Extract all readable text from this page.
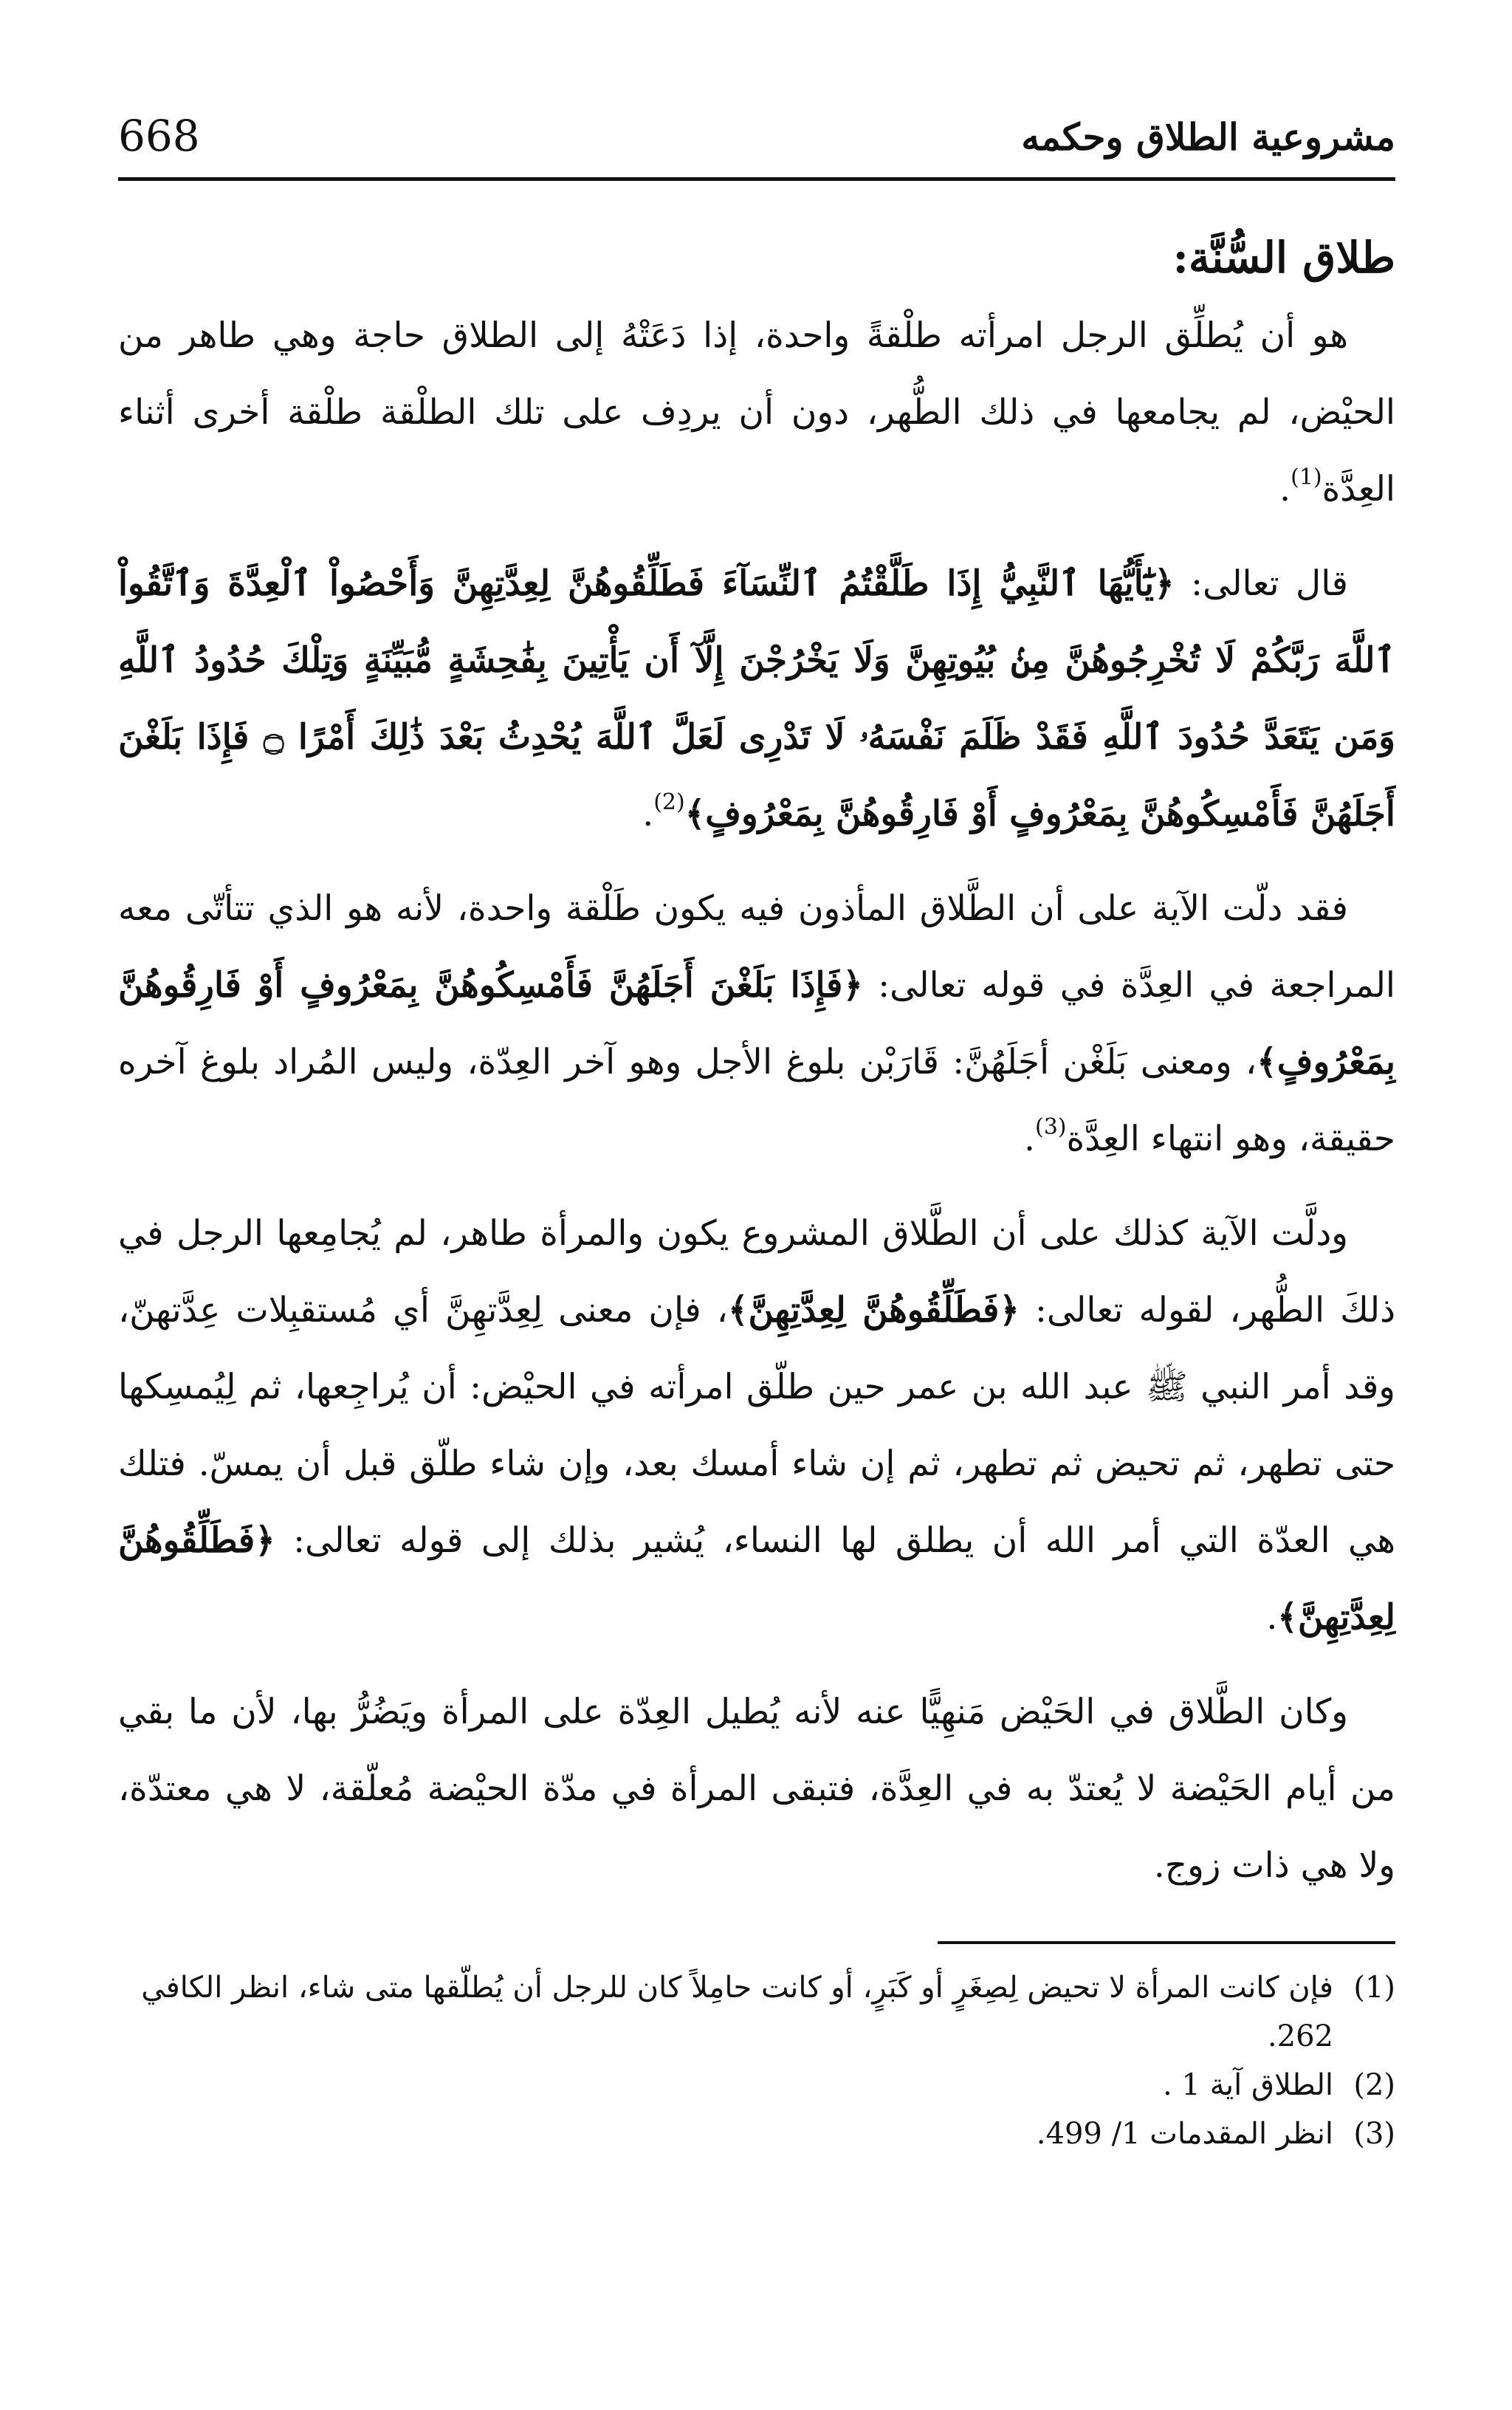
مشروعية الطلاق وحكمه
668
طلاق السُّنَّة:

هو أن يُطلِّق الرجل امرأته طلْقةً واحدة، إذا دَعَتْهُ إلى الطلاق حاجة وهي طاهر من الحيْض، لم يجامعها في ذلك الطُّهر، دون أن يردِف على تلك الطلْقة طلْقة أخرى أثناء العِدَّة$^{(1)}$.

قال تعالى: ﴿يَٰٓأَيُّهَا ٱلنَّبِيُّ إِذَا طَلَّقْتُمُ ٱلنِّسَآءَ فَطَلِّقُوهُنَّ لِعِدَّتِهِنَّ وَأَحْصُواْ ٱلْعِدَّةَ وَٱتَّقُواْ ٱللَّهَ رَبَّكُمْ لَا تُخْرِجُوهُنَّ مِنۢ بُيُوتِهِنَّ وَلَا يَخْرُجْنَ إِلَّآ أَن يَأْتِينَ بِفَٰحِشَةٍ مُّبَيِّنَةٍ وَتِلْكَ حُدُودُ ٱللَّهِ وَمَن يَتَعَدَّ حُدُودَ ٱللَّهِ فَقَدْ ظَلَمَ نَفْسَهُۥ لَا تَدْرِى لَعَلَّ ٱللَّهَ يُحْدِثُ بَعْدَ ذَٰلِكَ أَمْرًا ۝ فَإِذَا بَلَغْنَ أَجَلَهُنَّ فَأَمْسِكُوهُنَّ بِمَعْرُوفٍ أَوْ فَارِقُوهُنَّ بِمَعْرُوفٍ﴾$^{(2)}$.

فقد دلّت الآية على أن الطَّلاق المأذون فيه يكون طَلْقة واحدة، لأنه هو الذي تتأتّى معه المراجعة في العِدَّة في قوله تعالى: ﴿فَإِذَا بَلَغْنَ أَجَلَهُنَّ فَأَمْسِكُوهُنَّ بِمَعْرُوفٍ أَوْ فَارِقُوهُنَّ بِمَعْرُوفٍ﴾، ومعنى بَلَغْن أجَلَهُنَّ: قَارَبْن بلوغ الأجل وهو آخر العِدّة، وليس المُراد بلوغ آخره حقيقة، وهو انتهاء العِدَّة$^{(3)}$.

ودلَّت الآية كذلك على أن الطَّلاق المشروع يكون والمرأة طاهر، لم يُجامِعها الرجل في ذلكَ الطُّهر، لقوله تعالى: ﴿فَطَلِّقُوهُنَّ لِعِدَّتِهِنَّ﴾، فإن معنى لِعِدَّتهِنَّ أي مُستقبِلات عِدَّتهنّ، وقد أمر النبي ﷺ عبد الله بن عمر حين طلّق امرأته في الحيْض: أن يُراجِعها، ثم لِيُمسِكها حتى تطهر، ثم تحيض ثم تطهر، ثم إن شاء أمسك بعد، وإن شاء طلّق قبل أن يمسّ. فتلك هي العدّة التي أمر الله أن يطلق لها النساء، يُشير بذلك إلى قوله تعالى: ﴿فَطَلِّقُوهُنَّ لِعِدَّتِهِنَّ﴾.

وكان الطَّلاق في الحَيْض مَنهِيًّا عنه لأنه يُطيل العِدّة على المرأة ويَضُرُّ بها، لأن ما بقي من أيام الحَيْضة لا يُعتدّ به في العِدَّة، فتبقى المرأة في مدّة الحيْضة مُعلّقة، لا هي معتدّة، ولا هي ذات زوج.

(1)
فإن كانت المرأة لا تحيض لِصِغَرٍ أو كَبَرٍ، أو كانت حامِلاً كان للرجل أن يُطلّقها متى شاء، انظر الكافي 262.
(2)
الطلاق آية 1 .
(3)
انظر المقدمات 1/ 499.
